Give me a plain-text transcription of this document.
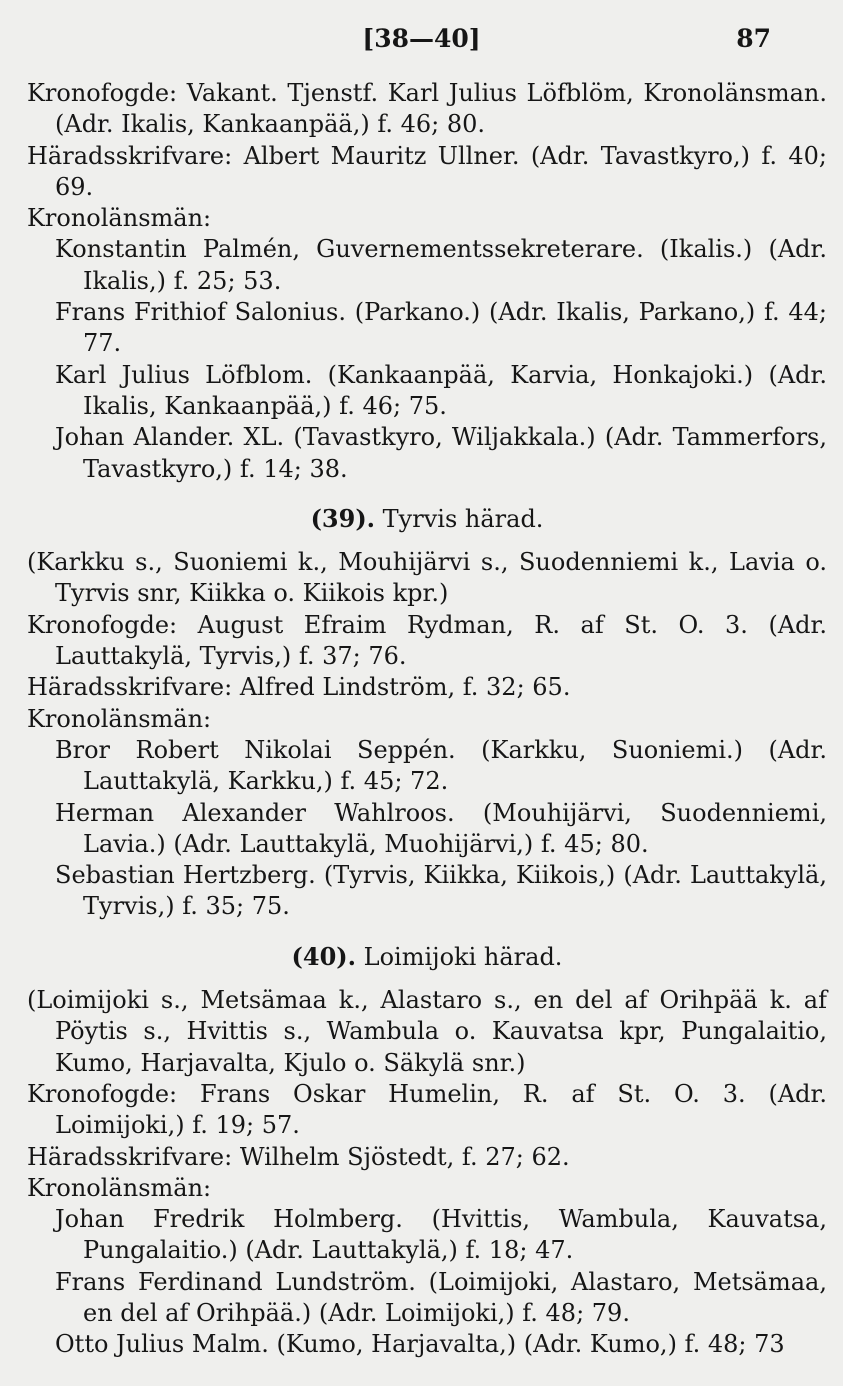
[38—40]	87

Kronofogde: Vakant. Tjenstf. Karl Julius Löfblöm, Kronolänsman. (Adr. Ikalis, Kankaanpää,) f. 46; 80.

Häradsskrifvare: Albert Mauritz Ullner. (Adr. Tavastkyro,) f. 40; 69.

Kronolänsmän:

Konstantin Palmén, Guvernementssekreterare. (Ikalis.) (Adr. Ikalis,) f. 25; 53.

Frans Frithiof Salonius. (Parkano.) (Adr. Ikalis, Parkano,) f. 44; 77.

Karl Julius Löfblom. (Kankaanpää, Karvia, Honkajoki.) (Adr. Ikalis, Kankaanpää,) f. 46; 75.

Johan Alander. XL. (Tavastkyro, Wiljakkala.) (Adr. Tammerfors, Tavastkyro,) f. 14; 38.

(39). Tyrvis härad.

(Karkku s., Suoniemi k., Mouhijärvi s., Suodenniemi k., Lavia o. Tyrvis snr, Kiikka o. Kiikois kpr.)

Kronofogde: August Efraim Rydman, R. af St. O. 3. (Adr. Lauttakylä, Tyrvis,) f. 37; 76.

Häradsskrifvare: Alfred Lindström, f. 32; 65.

Kronolänsmän:

Bror Robert Nikolai Seppén. (Karkku, Suoniemi.) (Adr. Lauttakylä, Karkku,) f. 45; 72.

Herman Alexander Wahlroos. (Mouhijärvi, Suodenniemi, Lavia.) (Adr. Lauttakylä, Muohijärvi,) f. 45; 80.

Sebastian Hertzberg. (Tyrvis, Kiikka, Kiikois,) (Adr. Lauttakylä, Tyrvis,) f. 35; 75.

(40). Loimijoki härad.

(Loimijoki s., Metsämaa k., Alastaro s., en del af Orihpää k. af Pöytis s., Hvittis s., Wambula o. Kauvatsa kpr, Pungalaitio, Kumo, Harjavalta, Kjulo o. Säkylä snr.)

Kronofogde: Frans Oskar Humelin, R. af St. O. 3. (Adr. Loimijoki,) f. 19; 57.

Häradsskrifvare: Wilhelm Sjöstedt, f. 27; 62.

Kronolänsmän:

Johan Fredrik Holmberg. (Hvittis, Wambula, Kauvatsa, Pungalaitio.) (Adr. Lauttakylä,) f. 18; 47.

Frans Ferdinand Lundström. (Loimijoki, Alastaro, Metsämaa, en del af Orihpää.) (Adr. Loimijoki,) f. 48; 79.

Otto Julius Malm. (Kumo, Harjavalta,) (Adr. Kumo,) f. 48; 73
